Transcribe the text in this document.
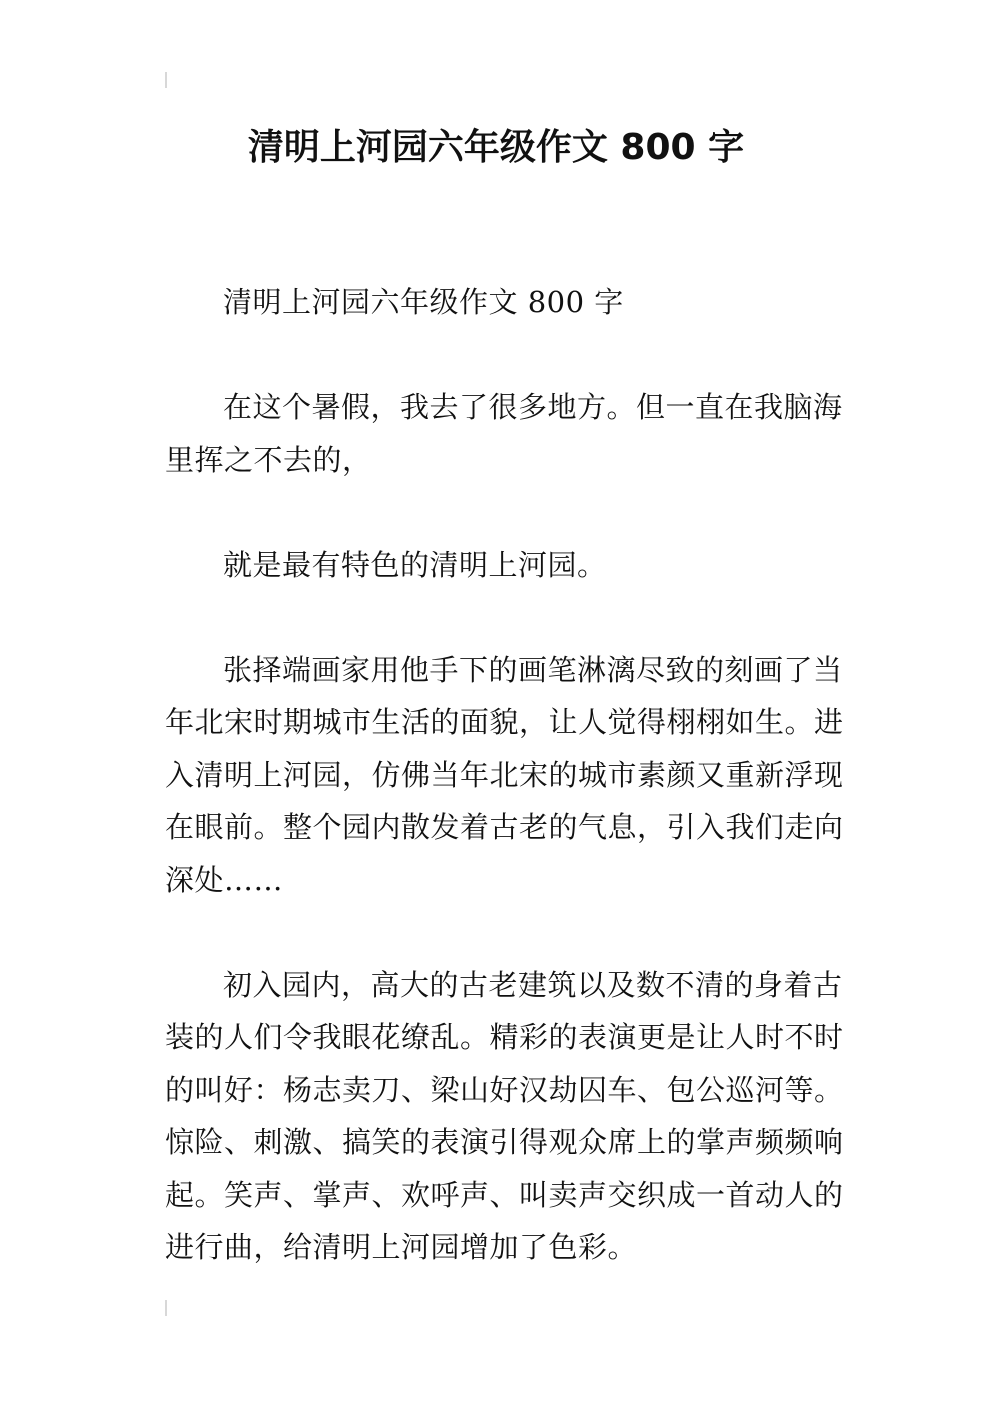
清明上河园六年级作文 800 字

清明上河园六年级作文 800 字

在这个暑假，我去了很多地方。但一直在我脑海里挥之不去的，

就是最有特色的清明上河园。

张择端画家用他手下的画笔淋漓尽致的刻画了当年北宋时期城市生活的面貌，让人觉得栩栩如生。进入清明上河园，仿佛当年北宋的城市素颜又重新浮现在眼前。整个园内散发着古老的气息，引入我们走向深处……

初入园内，高大的古老建筑以及数不清的身着古装的人们令我眼花缭乱。精彩的表演更是让人时不时的叫好：杨志卖刀、梁山好汉劫囚车、包公巡河等。惊险、刺激、搞笑的表演引得观众席上的掌声频频响起。笑声、掌声、欢呼声、叫卖声交织成一首动人的进行曲，给清明上河园增加了色彩。
